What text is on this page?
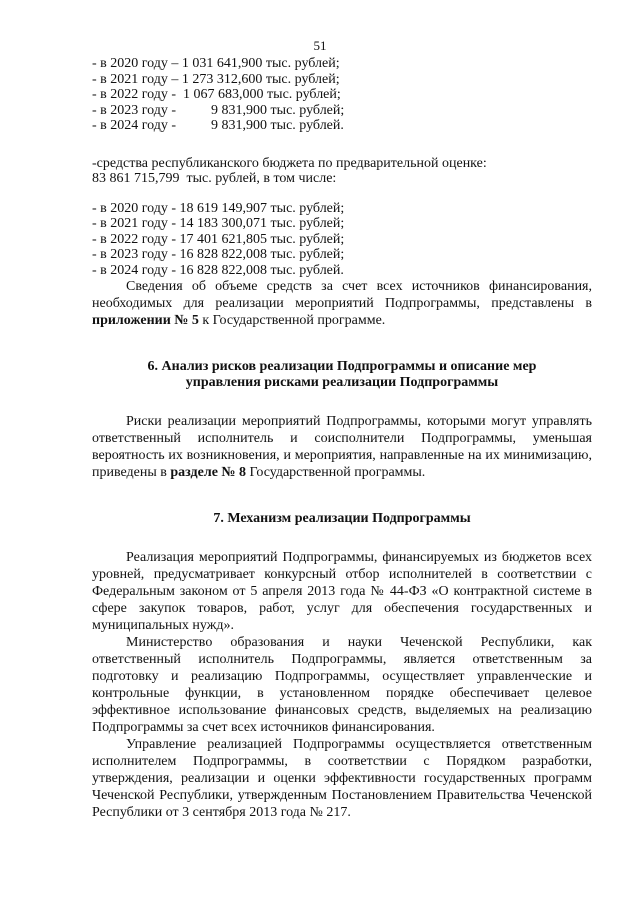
51
- в 2020 году – 1 031 641,900 тыс. рублей;
- в 2021 году – 1 273 312,600 тыс. рублей;
- в 2022 году -  1 067 683,000 тыс. рублей;
- в 2023 году -          9 831,900 тыс. рублей;
- в 2024 году -          9 831,900 тыс. рублей.
-средства республиканского бюджета по предварительной оценке:
83 861 715,799  тыс. рублей, в том числе:
- в 2020 году - 18 619 149,907 тыс. рублей;
- в 2021 году - 14 183 300,071 тыс. рублей;
- в 2022 году - 17 401 621,805 тыс. рублей;
- в 2023 году - 16 828 822,008 тыс. рублей;
- в 2024 году - 16 828 822,008 тыс. рублей.

Сведения об объеме средств за счет всех источников финансирования, необходимых для реализации мероприятий Подпрограммы, представлены в приложении № 5 к Государственной программе.

6. Анализ рисков реализации Подпрограммы и описание мер
управления рисками реализации Подпрограммы

Риски реализации мероприятий Подпрограммы, которыми могут управлять ответственный исполнитель и соисполнители Подпрограммы, уменьшая вероятность их возникновения, и мероприятия, направленные на их минимизацию, приведены в разделе № 8 Государственной программы.

7. Механизм реализации Подпрограммы

Реализация мероприятий Подпрограммы, финансируемых из бюджетов всех уровней, предусматривает конкурсный отбор исполнителей в соответствии с Федеральным законом от 5 апреля 2013 года № 44-ФЗ «О контрактной системе в сфере закупок товаров, работ, услуг для обеспечения государственных и муниципальных нужд».

Министерство образования и науки Чеченской Республики, как ответственный исполнитель Подпрограммы, является ответственным за подготовку и реализацию Подпрограммы, осуществляет управленческие и контрольные функции, в установленном порядке обеспечивает целевое эффективное использование финансовых средств, выделяемых на реализацию Подпрограммы за счет всех источников финансирования.

Управление реализацией Подпрограммы осуществляется ответственным исполнителем Подпрограммы, в соответствии с Порядком разработки, утверждения, реализации и оценки эффективности государственных программ Чеченской Республики, утвержденным Постановлением Правительства Чеченской Республики от 3 сентября 2013 года № 217.
